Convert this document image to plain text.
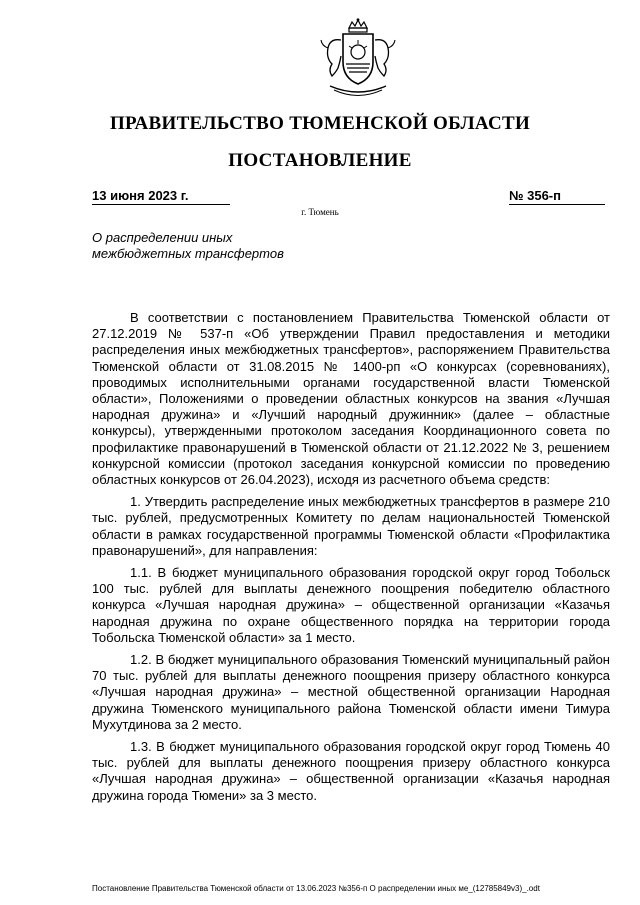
ПРАВИТЕЛЬСТВО ТЮМЕНСКОЙ ОБЛАСТИ
ПОСТАНОВЛЕНИЕ
13 июня 2023 г.	№ 356-п
г. Тюмень
О распределении иных
межбюджетных трансфертов

В соответствии с постановлением Правительства Тюменской области от 27.12.2019 № 537-п «Об утверждении Правил предоставления и методики распределения иных межбюджетных трансфертов», распоряжением Правительства Тюменской области от 31.08.2015 № 1400-рп «О конкурсах (соревнованиях), проводимых исполнительными органами государственной власти Тюменской области», Положениями о проведении областных конкурсов на звания «Лучшая народная дружина» и «Лучший народный дружинник» (далее – областные конкурсы), утвержденными протоколом заседания Координационного совета по профилактике правонарушений в Тюменской области от 21.12.2022 № 3, решением конкурсной комиссии (протокол заседания конкурсной комиссии по проведению областных конкурсов от 26.04.2023), исходя из расчетного объема средств:

1. Утвердить распределение иных межбюджетных трансфертов в размере 210 тыс. рублей, предусмотренных Комитету по делам национальностей Тюменской области в рамках государственной программы Тюменской области «Профилактика правонарушений», для направления:

1.1. В бюджет муниципального образования городской округ город Тобольск 100 тыс. рублей для выплаты денежного поощрения победителю областного конкурса «Лучшая народная дружина» – общественной организации «Казачья народная дружина по охране общественного порядка на территории города Тобольска Тюменской области» за 1 место.

1.2. В бюджет муниципального образования Тюменский муниципальный район 70 тыс. рублей для выплаты денежного поощрения призеру областного конкурса «Лучшая народная дружина» – местной общественной организации Народная дружина Тюменского муниципального района Тюменской области имени Тимура Мухутдинова за 2 место.

1.3. В бюджет муниципального образования городской округ город Тюмень 40 тыс. рублей для выплаты денежного поощрения призеру областного конкурса «Лучшая народная дружина» – общественной организации «Казачья народная дружина города Тюмени» за 3 место.

Постановление Правительства Тюменской области от 13.06.2023 №356-п О распределении иных ме_(12785849v3)_.odt
